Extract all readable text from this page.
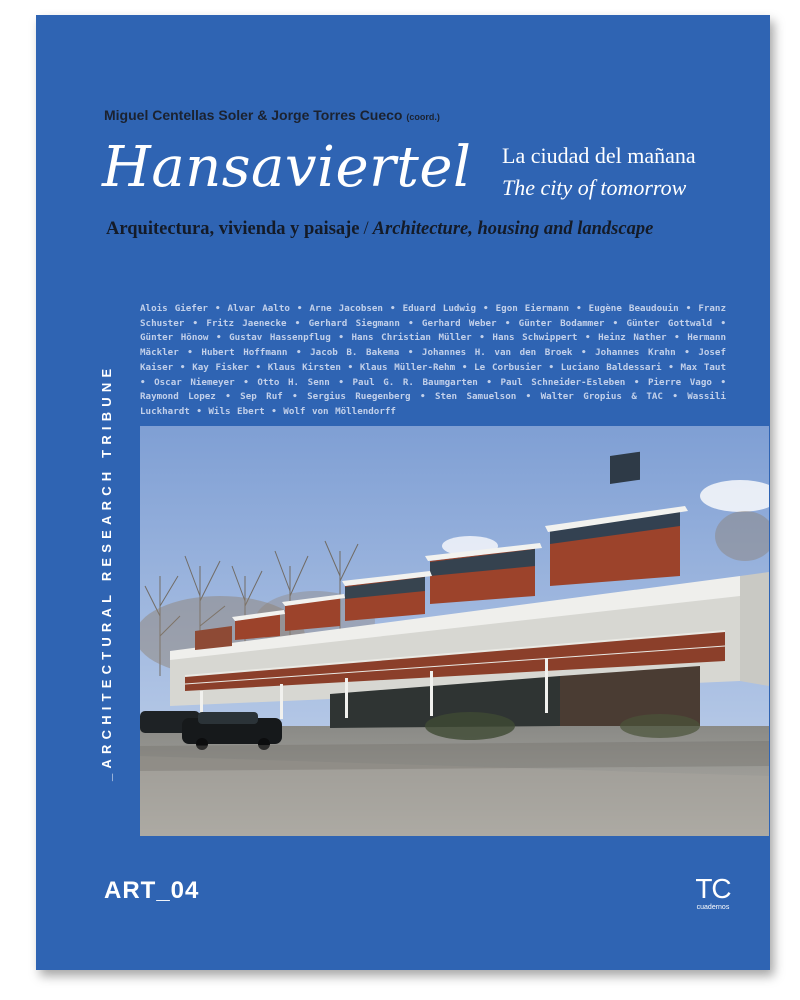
Miguel Centellas Soler & Jorge Torres Cueco (coord.)
Hansaviertel La ciudad del mañana
The city of tomorrow
Arquitectura, vivienda y paisaje / Architecture, housing and landscape
_ARCHITECTURAL RESEARCH TRIBUNE
Alois Giefer • Alvar Aalto • Arne Jacobsen • Eduard Ludwig • Egon Eiermann • Eugène Beaudouin • Franz Schuster • Fritz Jaenecke • Gerhard Siegmann • Gerhard Weber • Günter Bodammer • Günter Gottwald • Günter Hönow • Gustav Hassenpflug • Hans Christian Müller • Hans Schwippert • Heinz Nather • Hermann Mäckler • Hubert Hoffmann • Jacob B. Bakema • Johannes H. van den Broek • Johannes Krahn • Josef Kaiser • Kay Fisker • Klaus Kirsten • Klaus Müller-Rehm • Le Corbusier • Luciano Baldessari • Max Taut • Oscar Niemeyer • Otto H. Senn • Paul G. R. Baumgarten • Paul Schneider-Esleben • Pierre Vago • Raymond Lopez • Sep Ruf • Sergius Ruegenberg • Sten Samuelson • Walter Gropius & TAC • Wassili Luckhardt • Wils Ebert • Wolf von Möllendorff
ART_04	TC
cuadernos
